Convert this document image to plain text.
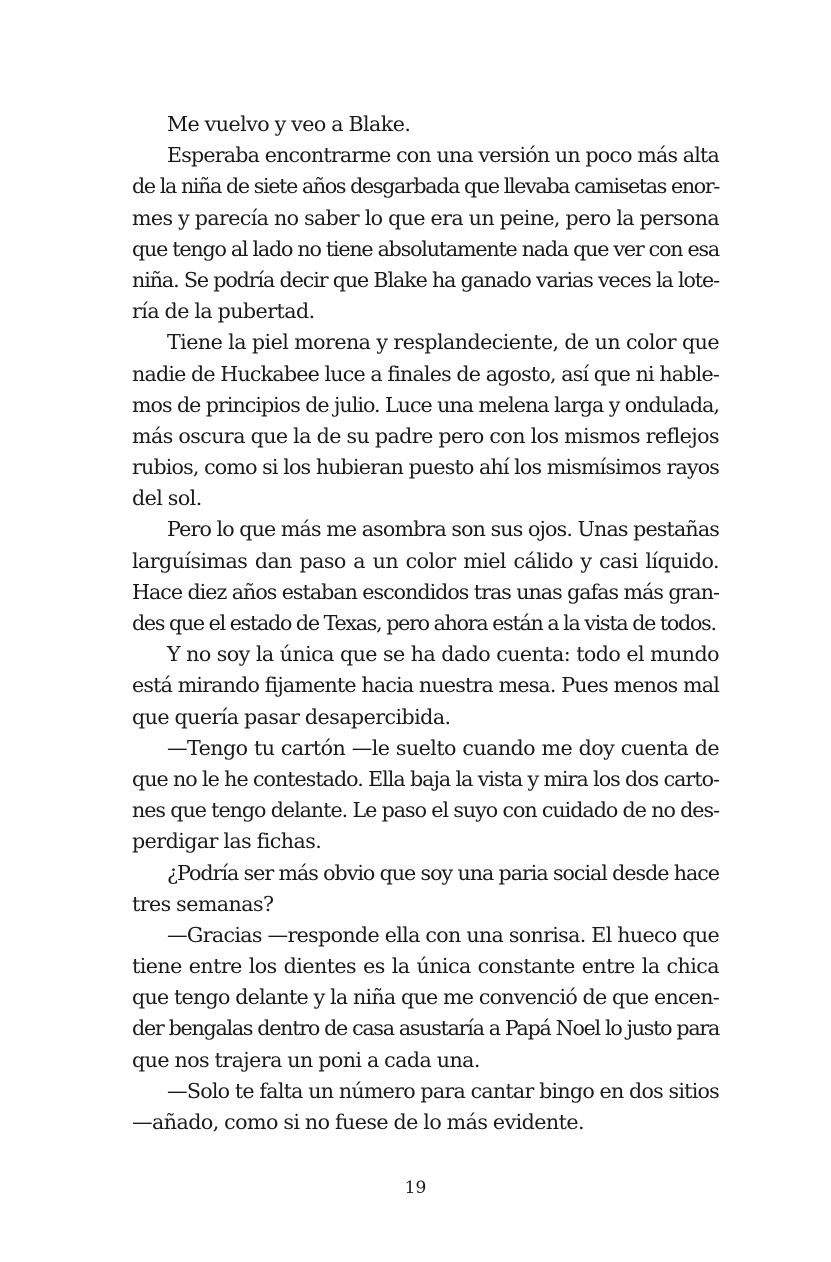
Me vuelvo y veo a Blake.
Esperaba encontrarme con una versión un poco más alta
de la niña de siete años desgarbada que llevaba camisetas enor-
mes y parecía no saber lo que era un peine, pero la persona
que tengo al lado no tiene absolutamente nada que ver con esa
niña. Se podría decir que Blake ha ganado varias veces la lote-
ría de la pubertad.
Tiene la piel morena y resplandeciente, de un color que
nadie de Huckabee luce a finales de agosto, así que ni hable-
mos de principios de julio. Luce una melena larga y ondulada,
más oscura que la de su padre pero con los mismos reflejos
rubios, como si los hubieran puesto ahí los mismísimos rayos
del sol.
Pero lo que más me asombra son sus ojos. Unas pestañas
larguísimas dan paso a un color miel cálido y casi líquido.
Hace diez años estaban escondidos tras unas gafas más gran-
des que el estado de Texas, pero ahora están a la vista de todos.
Y no soy la única que se ha dado cuenta: todo el mundo
está mirando fijamente hacia nuestra mesa. Pues menos mal
que quería pasar desapercibida.
—Tengo tu cartón —le suelto cuando me doy cuenta de
que no le he contestado. Ella baja la vista y mira los dos carto-
nes que tengo delante. Le paso el suyo con cuidado de no des-
perdigar las fichas.
¿Podría ser más obvio que soy una paria social desde hace
tres semanas?
—Gracias —responde ella con una sonrisa. El hueco que
tiene entre los dientes es la única constante entre la chica
que tengo delante y la niña que me convenció de que encen-
der bengalas dentro de casa asustaría a Papá Noel lo justo para
que nos trajera un poni a cada una.
—Solo te falta un número para cantar bingo en dos sitios
—añado, como si no fuese de lo más evidente.
19
